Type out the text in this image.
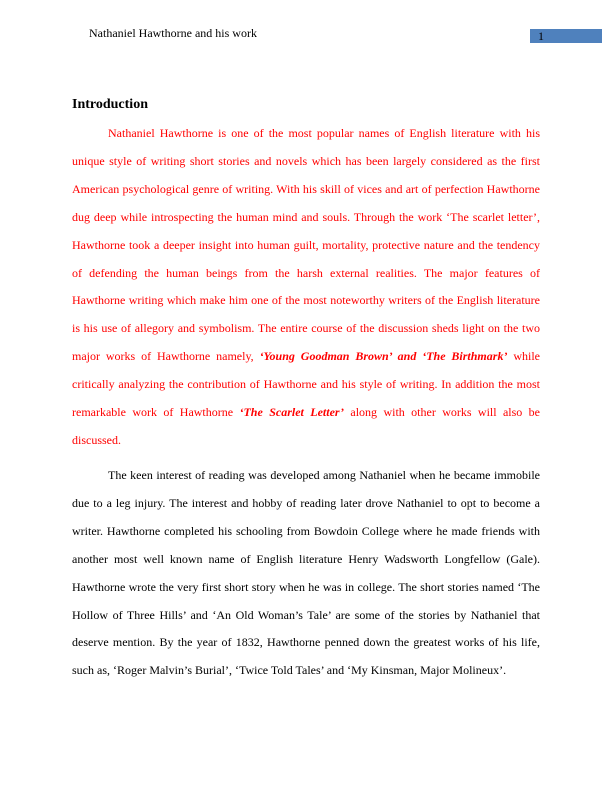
Nathaniel Hawthorne and his work	1
Introduction

Nathaniel Hawthorne is one of the most popular names of English literature with his unique style of writing short stories and novels which has been largely considered as the first American psychological genre of writing. With his skill of vices and art of perfection Hawthorne dug deep while introspecting the human mind and souls. Through the work ‘The scarlet letter’, Hawthorne took a deeper insight into human guilt, mortality, protective nature and the tendency of defending the human beings from the harsh external realities. The major features of Hawthorne writing which make him one of the most noteworthy writers of the English literature is his use of allegory and symbolism. The entire course of the discussion sheds light on the two major works of Hawthorne namely, ‘Young Goodman Brown’ and ‘The Birthmark’ while critically analyzing the contribution of Hawthorne and his style of writing. In addition the most remarkable work of Hawthorne ‘The Scarlet Letter’ along with other works will also be discussed.

The keen interest of reading was developed among Nathaniel when he became immobile due to a leg injury. The interest and hobby of reading later drove Nathaniel to opt to become a writer. Hawthorne completed his schooling from Bowdoin College where he made friends with another most well known name of English literature Henry Wadsworth Longfellow (Gale). Hawthorne wrote the very first short story when he was in college. The short stories named ‘The Hollow of Three Hills’ and ‘An Old Woman’s Tale’ are some of the stories by Nathaniel that deserve mention. By the year of 1832, Hawthorne penned down the greatest works of his life, such as, ‘Roger Malvin’s Burial’, ‘Twice Told Tales’ and ‘My Kinsman, Major Molineux’.
